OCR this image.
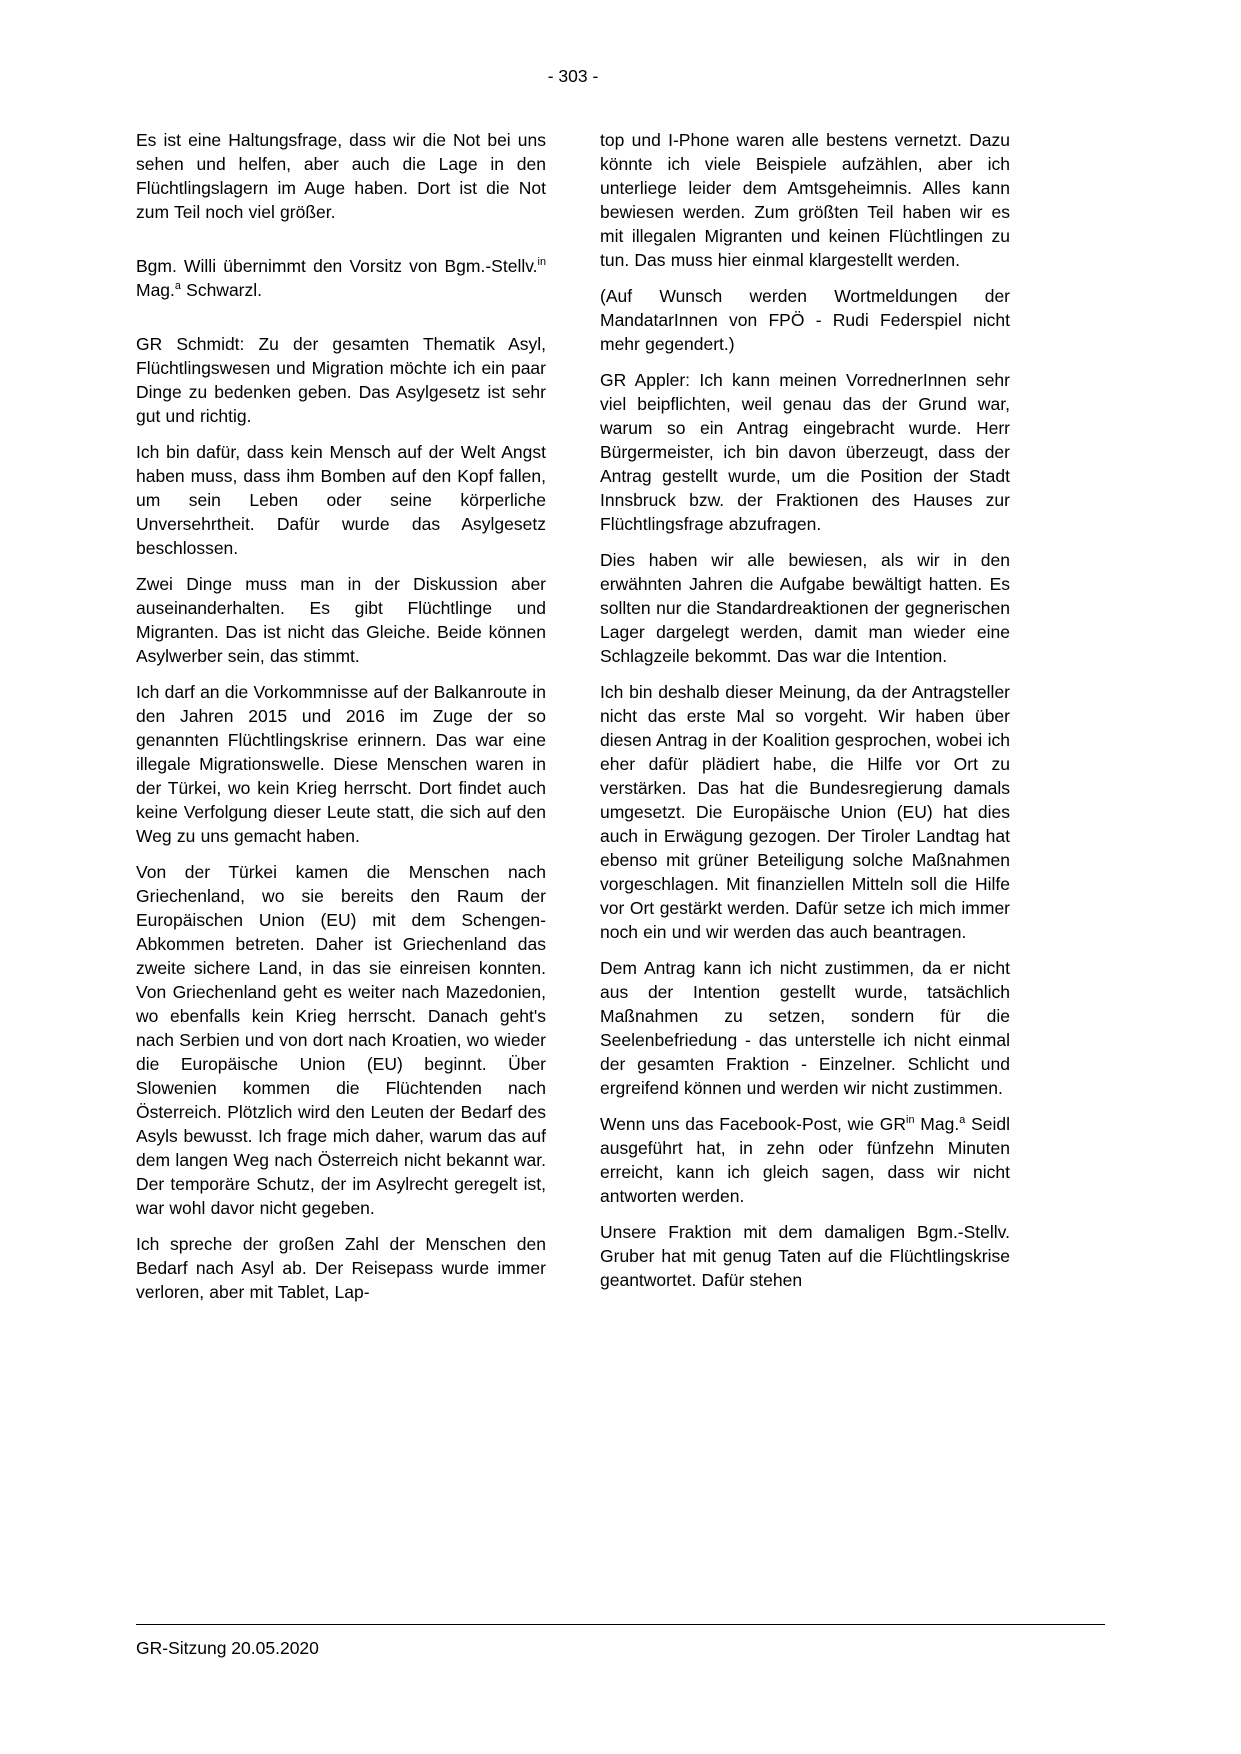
- 303 -

Es ist eine Haltungsfrage, dass wir die Not bei uns sehen und helfen, aber auch die Lage in den Flüchtlingslagern im Auge haben. Dort ist die Not zum Teil noch viel größer.

Bgm. Willi übernimmt den Vorsitz von Bgm.-Stellv.$^{in}$ Mag.$^a$ Schwarzl.

GR Schmidt: Zu der gesamten Thematik Asyl, Flüchtlingswesen und Migration möchte ich ein paar Dinge zu bedenken geben. Das Asylgesetz ist sehr gut und richtig.

Ich bin dafür, dass kein Mensch auf der Welt Angst haben muss, dass ihm Bomben auf den Kopf fallen, um sein Leben oder seine körperliche Unversehrtheit. Dafür wurde das Asylgesetz beschlossen.

Zwei Dinge muss man in der Diskussion aber auseinanderhalten. Es gibt Flüchtlinge und Migranten. Das ist nicht das Gleiche. Beide können Asylwerber sein, das stimmt.

Ich darf an die Vorkommnisse auf der Balkanroute in den Jahren 2015 und 2016 im Zuge der so genannten Flüchtlingskrise erinnern. Das war eine illegale Migrationswelle. Diese Menschen waren in der Türkei, wo kein Krieg herrscht. Dort findet auch keine Verfolgung dieser Leute statt, die sich auf den Weg zu uns gemacht haben.

Von der Türkei kamen die Menschen nach Griechenland, wo sie bereits den Raum der Europäischen Union (EU) mit dem Schengen-Abkommen betreten. Daher ist Griechenland das zweite sichere Land, in das sie einreisen konnten. Von Griechenland geht es weiter nach Mazedonien, wo ebenfalls kein Krieg herrscht. Danach geht's nach Serbien und von dort nach Kroatien, wo wieder die Europäische Union (EU) beginnt. Über Slowenien kommen die Flüchtenden nach Österreich. Plötzlich wird den Leuten der Bedarf des Asyls bewusst. Ich frage mich daher, warum das auf dem langen Weg nach Österreich nicht bekannt war. Der temporäre Schutz, der im Asylrecht geregelt ist, war wohl davor nicht gegeben.

Ich spreche der großen Zahl der Menschen den Bedarf nach Asyl ab. Der Reisepass wurde immer verloren, aber mit Tablet, Lap-

top und I-Phone waren alle bestens vernetzt. Dazu könnte ich viele Beispiele aufzählen, aber ich unterliege leider dem Amtsgeheimnis. Alles kann bewiesen werden. Zum größten Teil haben wir es mit illegalen Migranten und keinen Flüchtlingen zu tun. Das muss hier einmal klargestellt werden.

(Auf Wunsch werden Wortmeldungen der MandatarInnen von FPÖ - Rudi Federspiel nicht mehr gegendert.)

GR Appler: Ich kann meinen VorrednerInnen sehr viel beipflichten, weil genau das der Grund war, warum so ein Antrag eingebracht wurde. Herr Bürgermeister, ich bin davon überzeugt, dass der Antrag gestellt wurde, um die Position der Stadt Innsbruck bzw. der Fraktionen des Hauses zur Flüchtlingsfrage abzufragen.

Dies haben wir alle bewiesen, als wir in den erwähnten Jahren die Aufgabe bewältigt hatten. Es sollten nur die Standardreaktionen der gegnerischen Lager dargelegt werden, damit man wieder eine Schlagzeile bekommt. Das war die Intention.

Ich bin deshalb dieser Meinung, da der Antragsteller nicht das erste Mal so vorgeht. Wir haben über diesen Antrag in der Koalition gesprochen, wobei ich eher dafür plädiert habe, die Hilfe vor Ort zu verstärken. Das hat die Bundesregierung damals umgesetzt. Die Europäische Union (EU) hat dies auch in Erwägung gezogen. Der Tiroler Landtag hat ebenso mit grüner Beteiligung solche Maßnahmen vorgeschlagen. Mit finanziellen Mitteln soll die Hilfe vor Ort gestärkt werden. Dafür setze ich mich immer noch ein und wir werden das auch beantragen.

Dem Antrag kann ich nicht zustimmen, da er nicht aus der Intention gestellt wurde, tatsächlich Maßnahmen zu setzen, sondern für die Seelenbefriedung - das unterstelle ich nicht einmal der gesamten Fraktion - Einzelner. Schlicht und ergreifend können und werden wir nicht zustimmen.

Wenn uns das Facebook-Post, wie $GR^{in}$ Mag.$^a$ Seidl ausgeführt hat, in zehn oder fünfzehn Minuten erreicht, kann ich gleich sagen, dass wir nicht antworten werden.

Unsere Fraktion mit dem damaligen Bgm.-Stellv. Gruber hat mit genug Taten auf die Flüchtlingskrise geantwortet. Dafür stehen

GR-Sitzung 20.05.2020
